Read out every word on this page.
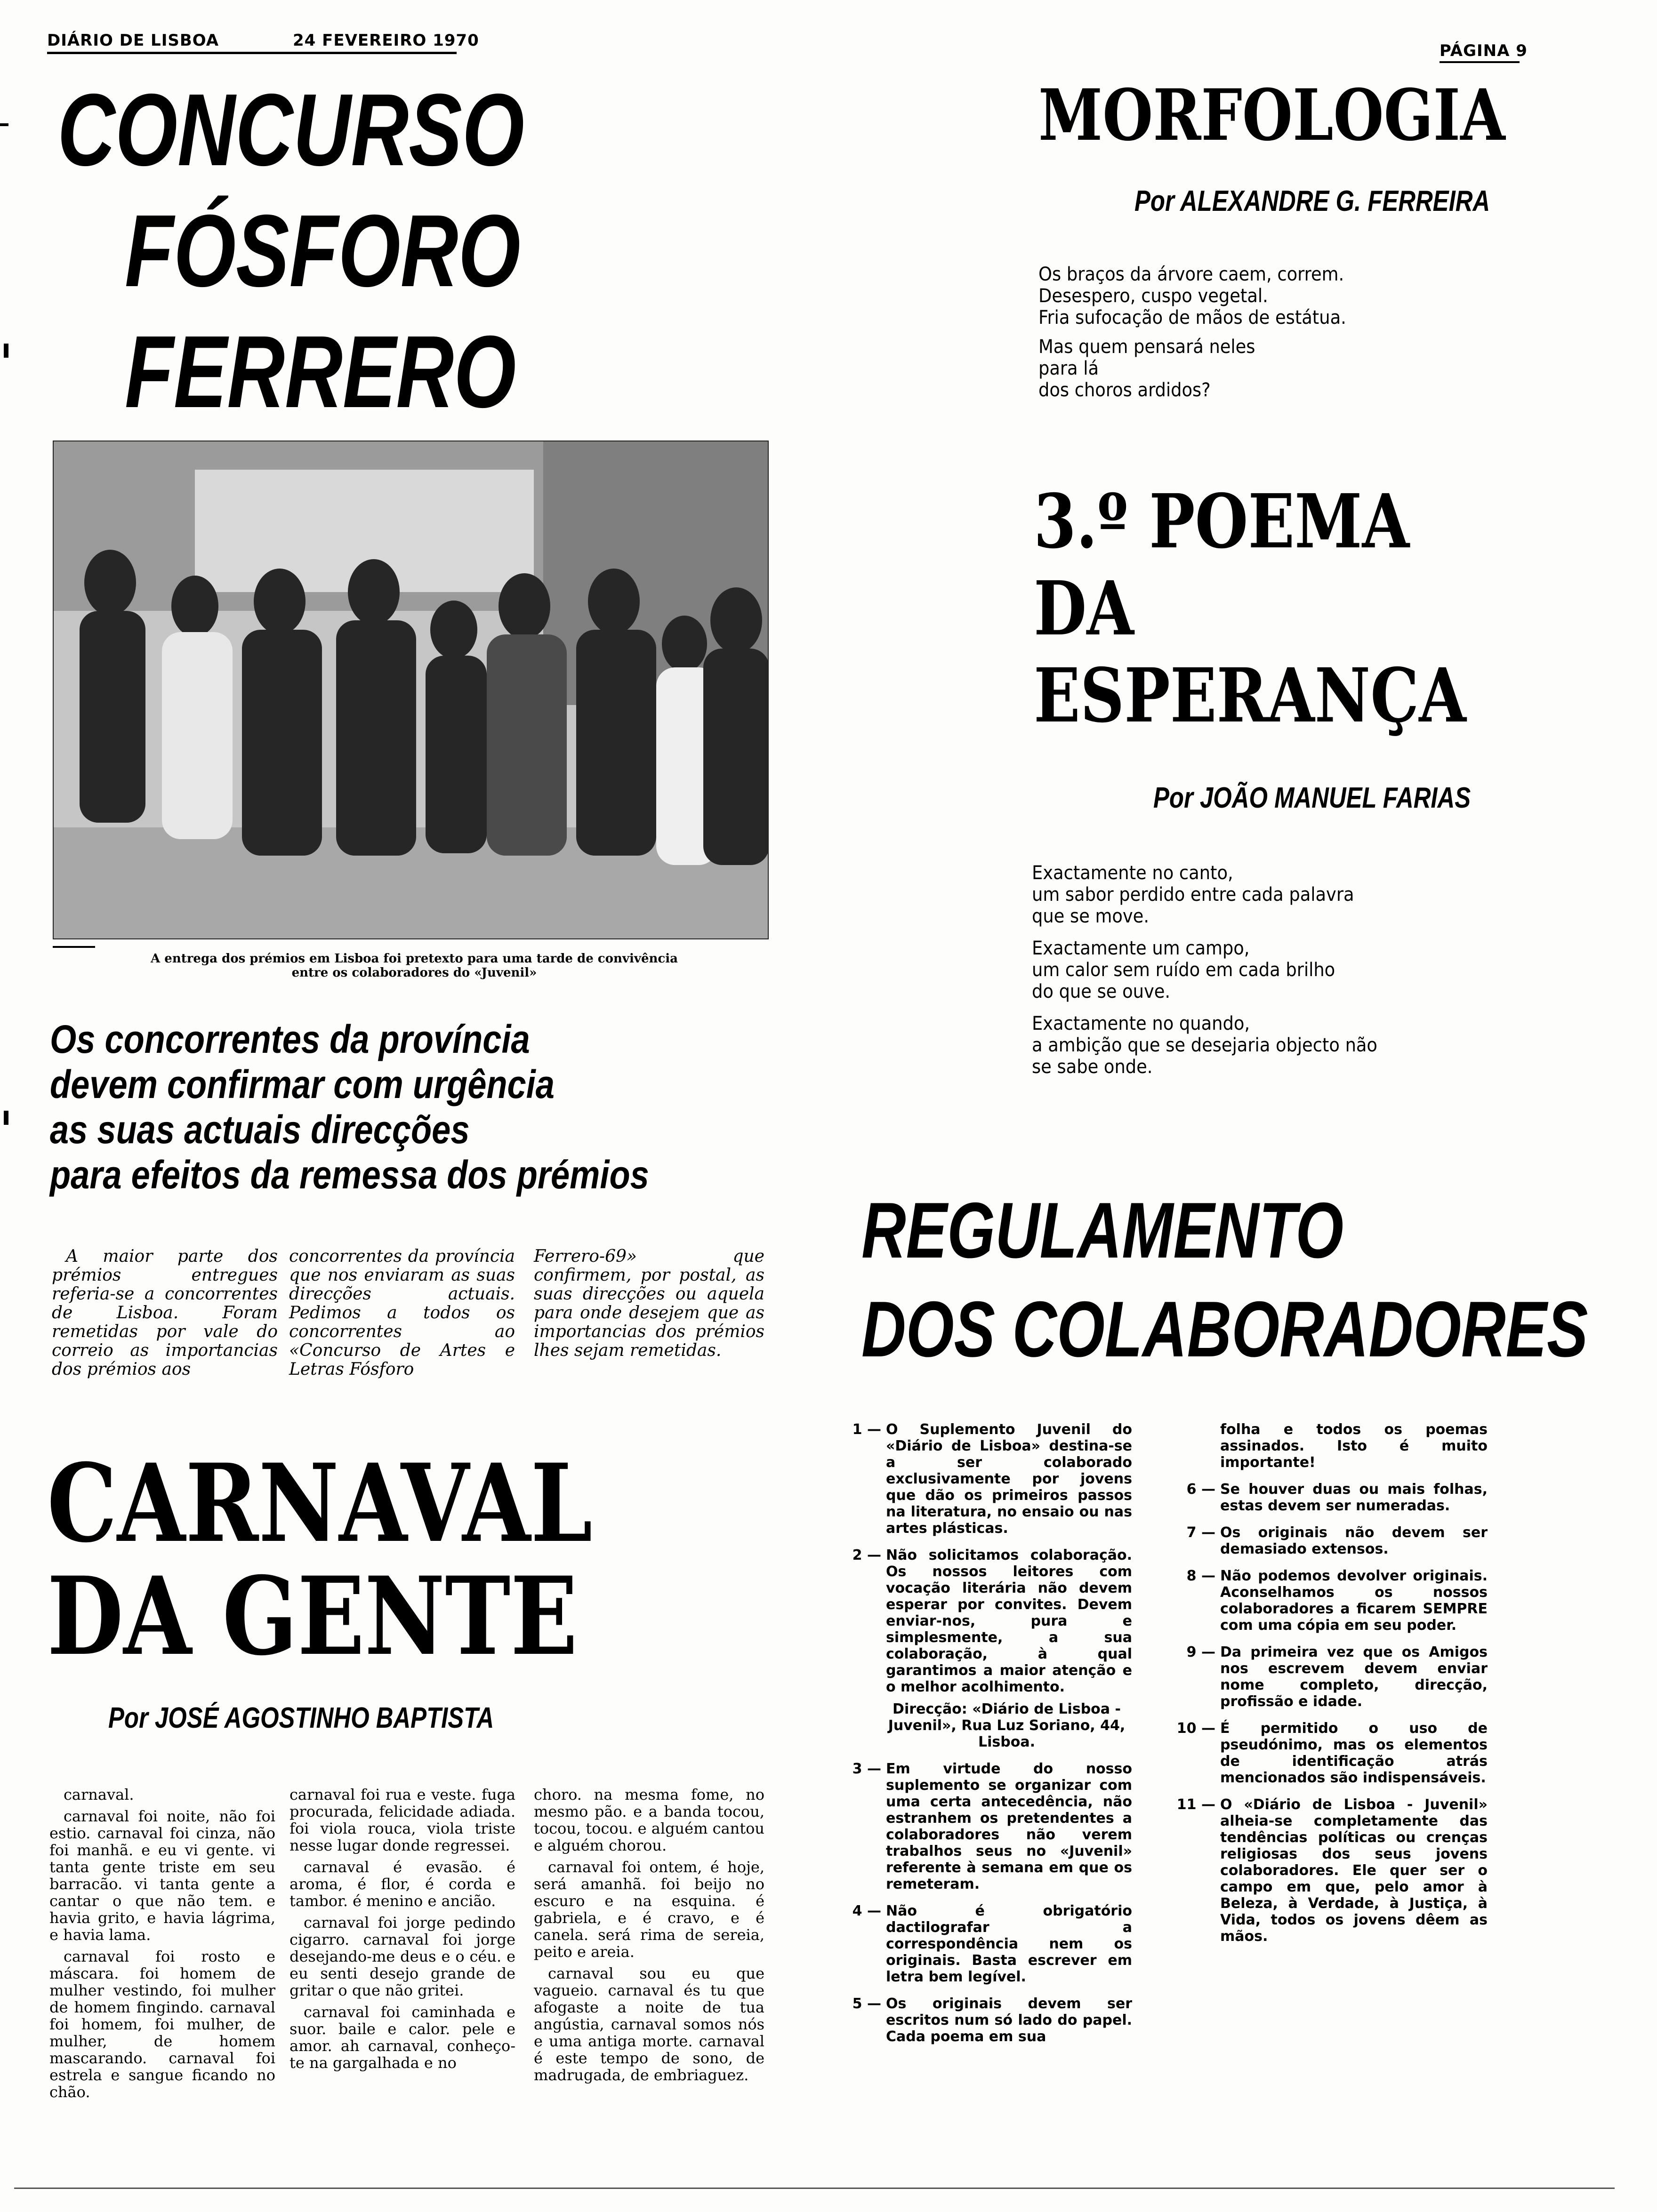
DIÁRIO DE LISBOA	24 FEVEREIRO 1970
PÁGINA 9
CONCURSO
FÓSFORO
FERRERO
A entrega dos prémios em Lisboa foi pretexto para uma tarde de convivência
entre os colaboradores do «Juvenil»
Os concorrentes da província
devem confirmar com urgência
as suas actuais direcções
para efeitos da remessa dos prémios

A maior parte dos prémios entregues referia-se a concorrentes de Lisboa. Foram remetidas por vale do correio as importancias dos prémios aos

concorrentes da província que nos enviaram as suas direcções actuais. Pedimos a todos os concorrentes ao «Concurso de Artes e Letras Fósforo

Ferrero-69» que confirmem, por postal, as suas direcções ou aquela para onde desejem que as importancias dos prémios lhes sejam remetidas.

CARNAVAL
DA GENTE
Por JOSÉ AGOSTINHO BAPTISTA

carnaval.

carnaval foi noite, não foi estio. carnaval foi cinza, não foi manhã. e eu vi gente. vi tanta gente triste em seu barracão. vi tanta gente a cantar o que não tem. e havia grito, e havia lágrima, e havia lama.

carnaval foi rosto e máscara. foi homem de mulher vestindo, foi mulher de homem fingindo. carnaval foi homem, foi mulher, de mulher, de homem mascarando. carnaval foi estrela e sangue ficando no chão.

carnaval foi rua e veste. fuga procurada, felicidade adiada. foi viola rouca, viola triste nesse lugar donde regressei.

carnaval é evasão. é aroma, é flor, é corda e tambor. é menino e ancião.

carnaval foi jorge pedindo cigarro. carnaval foi jorge desejando-me deus e o céu. e eu senti desejo grande de gritar o que não gritei.

carnaval foi caminhada e suor. baile e calor. pele e amor. ah carnaval, conheço-te na gargalhada e no

choro. na mesma fome, no mesmo pão. e a banda tocou, tocou, tocou. e alguém cantou e alguém chorou.

carnaval foi ontem, é hoje, será amanhã. foi beijo no escuro e na esquina. é gabriela, e é cravo, e é canela. será rima de sereia, peito e areia.

carnaval sou eu que vagueio. carnaval és tu que afogaste a noite de tua angústia, carnaval somos nós e uma antiga morte. carnaval é este tempo de sono, de madrugada, de embriaguez.

MORFOLOGIA
Por ALEXANDRE G. FERREIRA
Os braços da árvore caem, correm.
Desespero, cuspo vegetal.
Fria sufocação de mãos de estátua.
Mas quem pensará neles
para lá
dos choros ardidos?
3.º POEMA
DA
ESPERANÇA
Por JOÃO MANUEL FARIAS
Exactamente no canto,
um sabor perdido entre cada palavra
que se move.
Exactamente um campo,
um calor sem ruído em cada brilho
do que se ouve.
Exactamente no quando,
a ambição que se desejaria objecto não
se sabe onde.
REGULAMENTO
DOS COLABORADORES
1 — O Suplemento Juvenil do «Diário de Lisboa» destina-se a ser colaborado exclusivamente por jovens que dão os primeiros passos na literatura, no ensaio ou nas artes plásticas.
2 — Não solicitamos colaboração. Os nossos leitores com vocação literária não devem esperar por convites. Devem enviar-nos, pura e simplesmente, a sua colaboração, à qual garantimos a maior atenção e o melhor acolhimento.
Direcção: «Diário de Lisboa - Juvenil», Rua Luz Soriano, 44, Lisboa.
3 — Em virtude do nosso suplemento se organizar com uma certa antecedência, não estranhem os pretendentes a colaboradores não verem trabalhos seus no «Juvenil» referente à semana em que os remeteram.
4 — Não é obrigatório dactilografar a correspondência nem os originais. Basta escrever em letra bem legível.
5 — Os originais devem ser escritos num só lado do papel. Cada poema em sua
folha e todos os poemas assinados. Isto é muito importante!
6 — Se houver duas ou mais folhas, estas devem ser numeradas.
7 — Os originais não devem ser demasiado extensos.
8 — Não podemos devolver originais. Aconselhamos os nossos colaboradores a ficarem SEMPRE com uma cópia em seu poder.
9 — Da primeira vez que os Amigos nos escrevem devem enviar nome completo, direcção, profissão e idade.
10 — É permitido o uso de pseudónimo, mas os elementos de identificação atrás mencionados são indispensáveis.
11 — O «Diário de Lisboa - Juvenil» alheia-se completamente das tendências políticas ou crenças religiosas dos seus jovens colaboradores. Ele quer ser o campo em que, pelo amor à Beleza, à Verdade, à Justiça, à Vida, todos os jovens dêem as mãos.
